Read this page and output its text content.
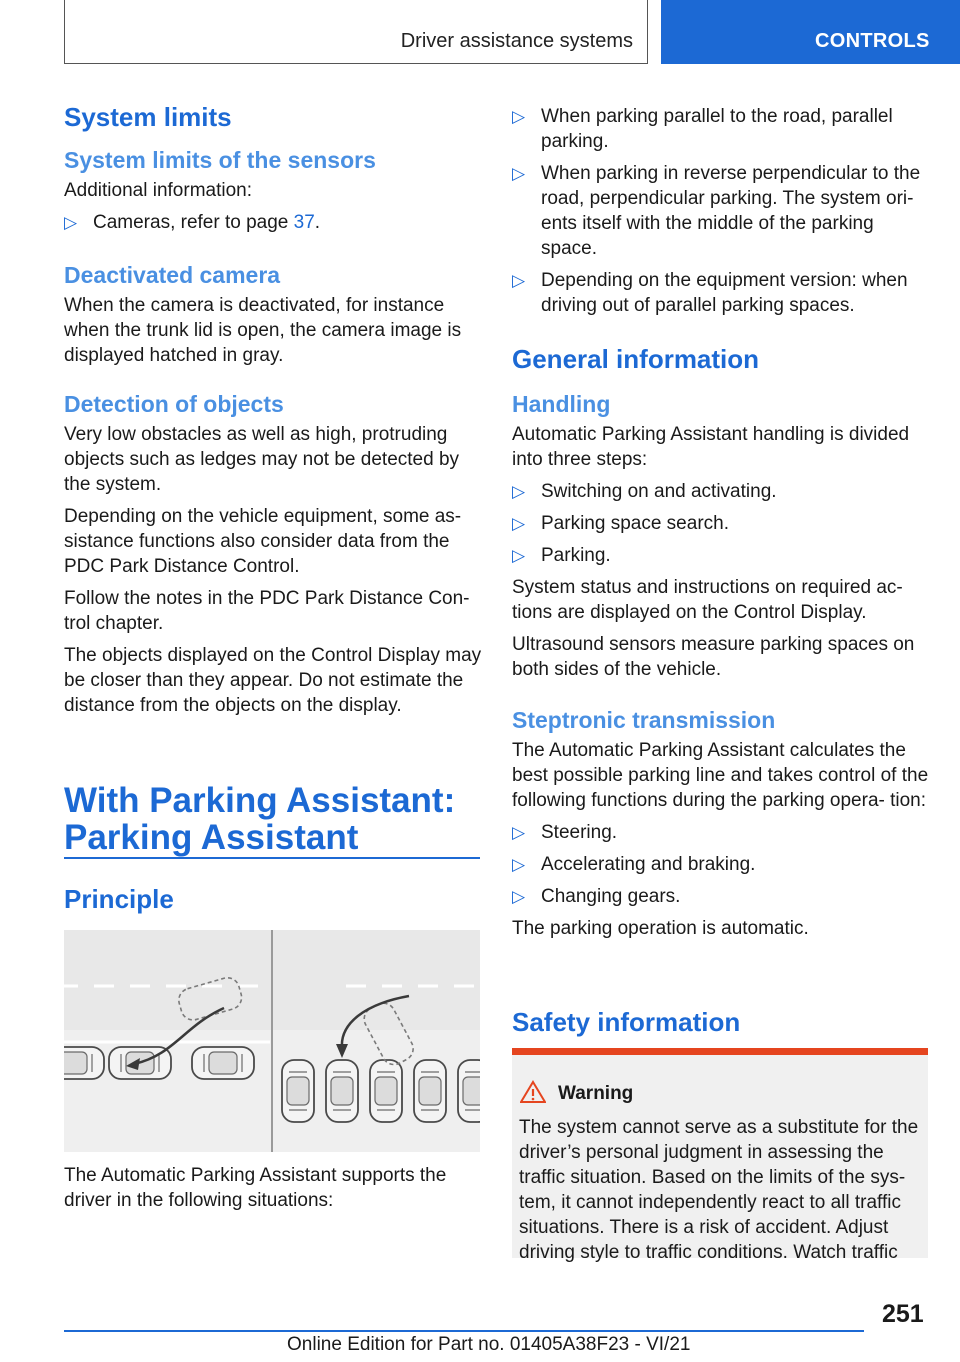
Driver assistance systems	CONTROLS
System limits
System limits of the sensors

Additional information:

▷ Cameras, refer to page 37.
Deactivated camera

When the camera is deactivated, for instance when the trunk lid is open, the camera image is displayed hatched in gray.

Detection of objects

Very low obstacles as well as high, protruding objects such as ledges may not be detected by the system.

Depending on the vehicle equipment, some as‐ sistance functions also consider data from the PDC Park Distance Control.

Follow the notes in the PDC Park Distance Con‐ trol chapter.

The objects displayed on the Control Display may be closer than they appear. Do not estimate the distance from the objects on the display.

With Parking Assistant:

Parking Assistant

Principle

The Automatic Parking Assistant supports the driver in the following situations:

▷ When parking parallel to the road, parallel parking.
▷ When parking in reverse perpendicular to the road, perpendicular parking. The system ori‐ ents itself with the middle of the parking space.
▷ Depending on the equipment version: when driving out of parallel parking spaces.
General information
Handling

Automatic Parking Assistant handling is divided into three steps:

▷ Switching on and activating.
▷ Parking space search.
▷ Parking.

System status and instructions on required ac‐ tions are displayed on the Control Display.

Ultrasound sensors measure parking spaces on both sides of the vehicle.

Steptronic transmission

The Automatic Parking Assistant calculates the best possible parking line and takes control of the following functions during the parking opera‐ tion:

▷ Steering.
▷ Accelerating and braking.
▷ Changing gears.

The parking operation is automatic.

Safety information
Warning

The system cannot serve as a substitute for the driver’s personal judgment in assessing the traffic situation. Based on the limits of the sys‐ tem, it cannot independently react to all traffic situations. There is a risk of accident. Adjust driving style to traffic conditions. Watch traffic

251
Online Edition for Part no. 01405A38F23 - VI/21
